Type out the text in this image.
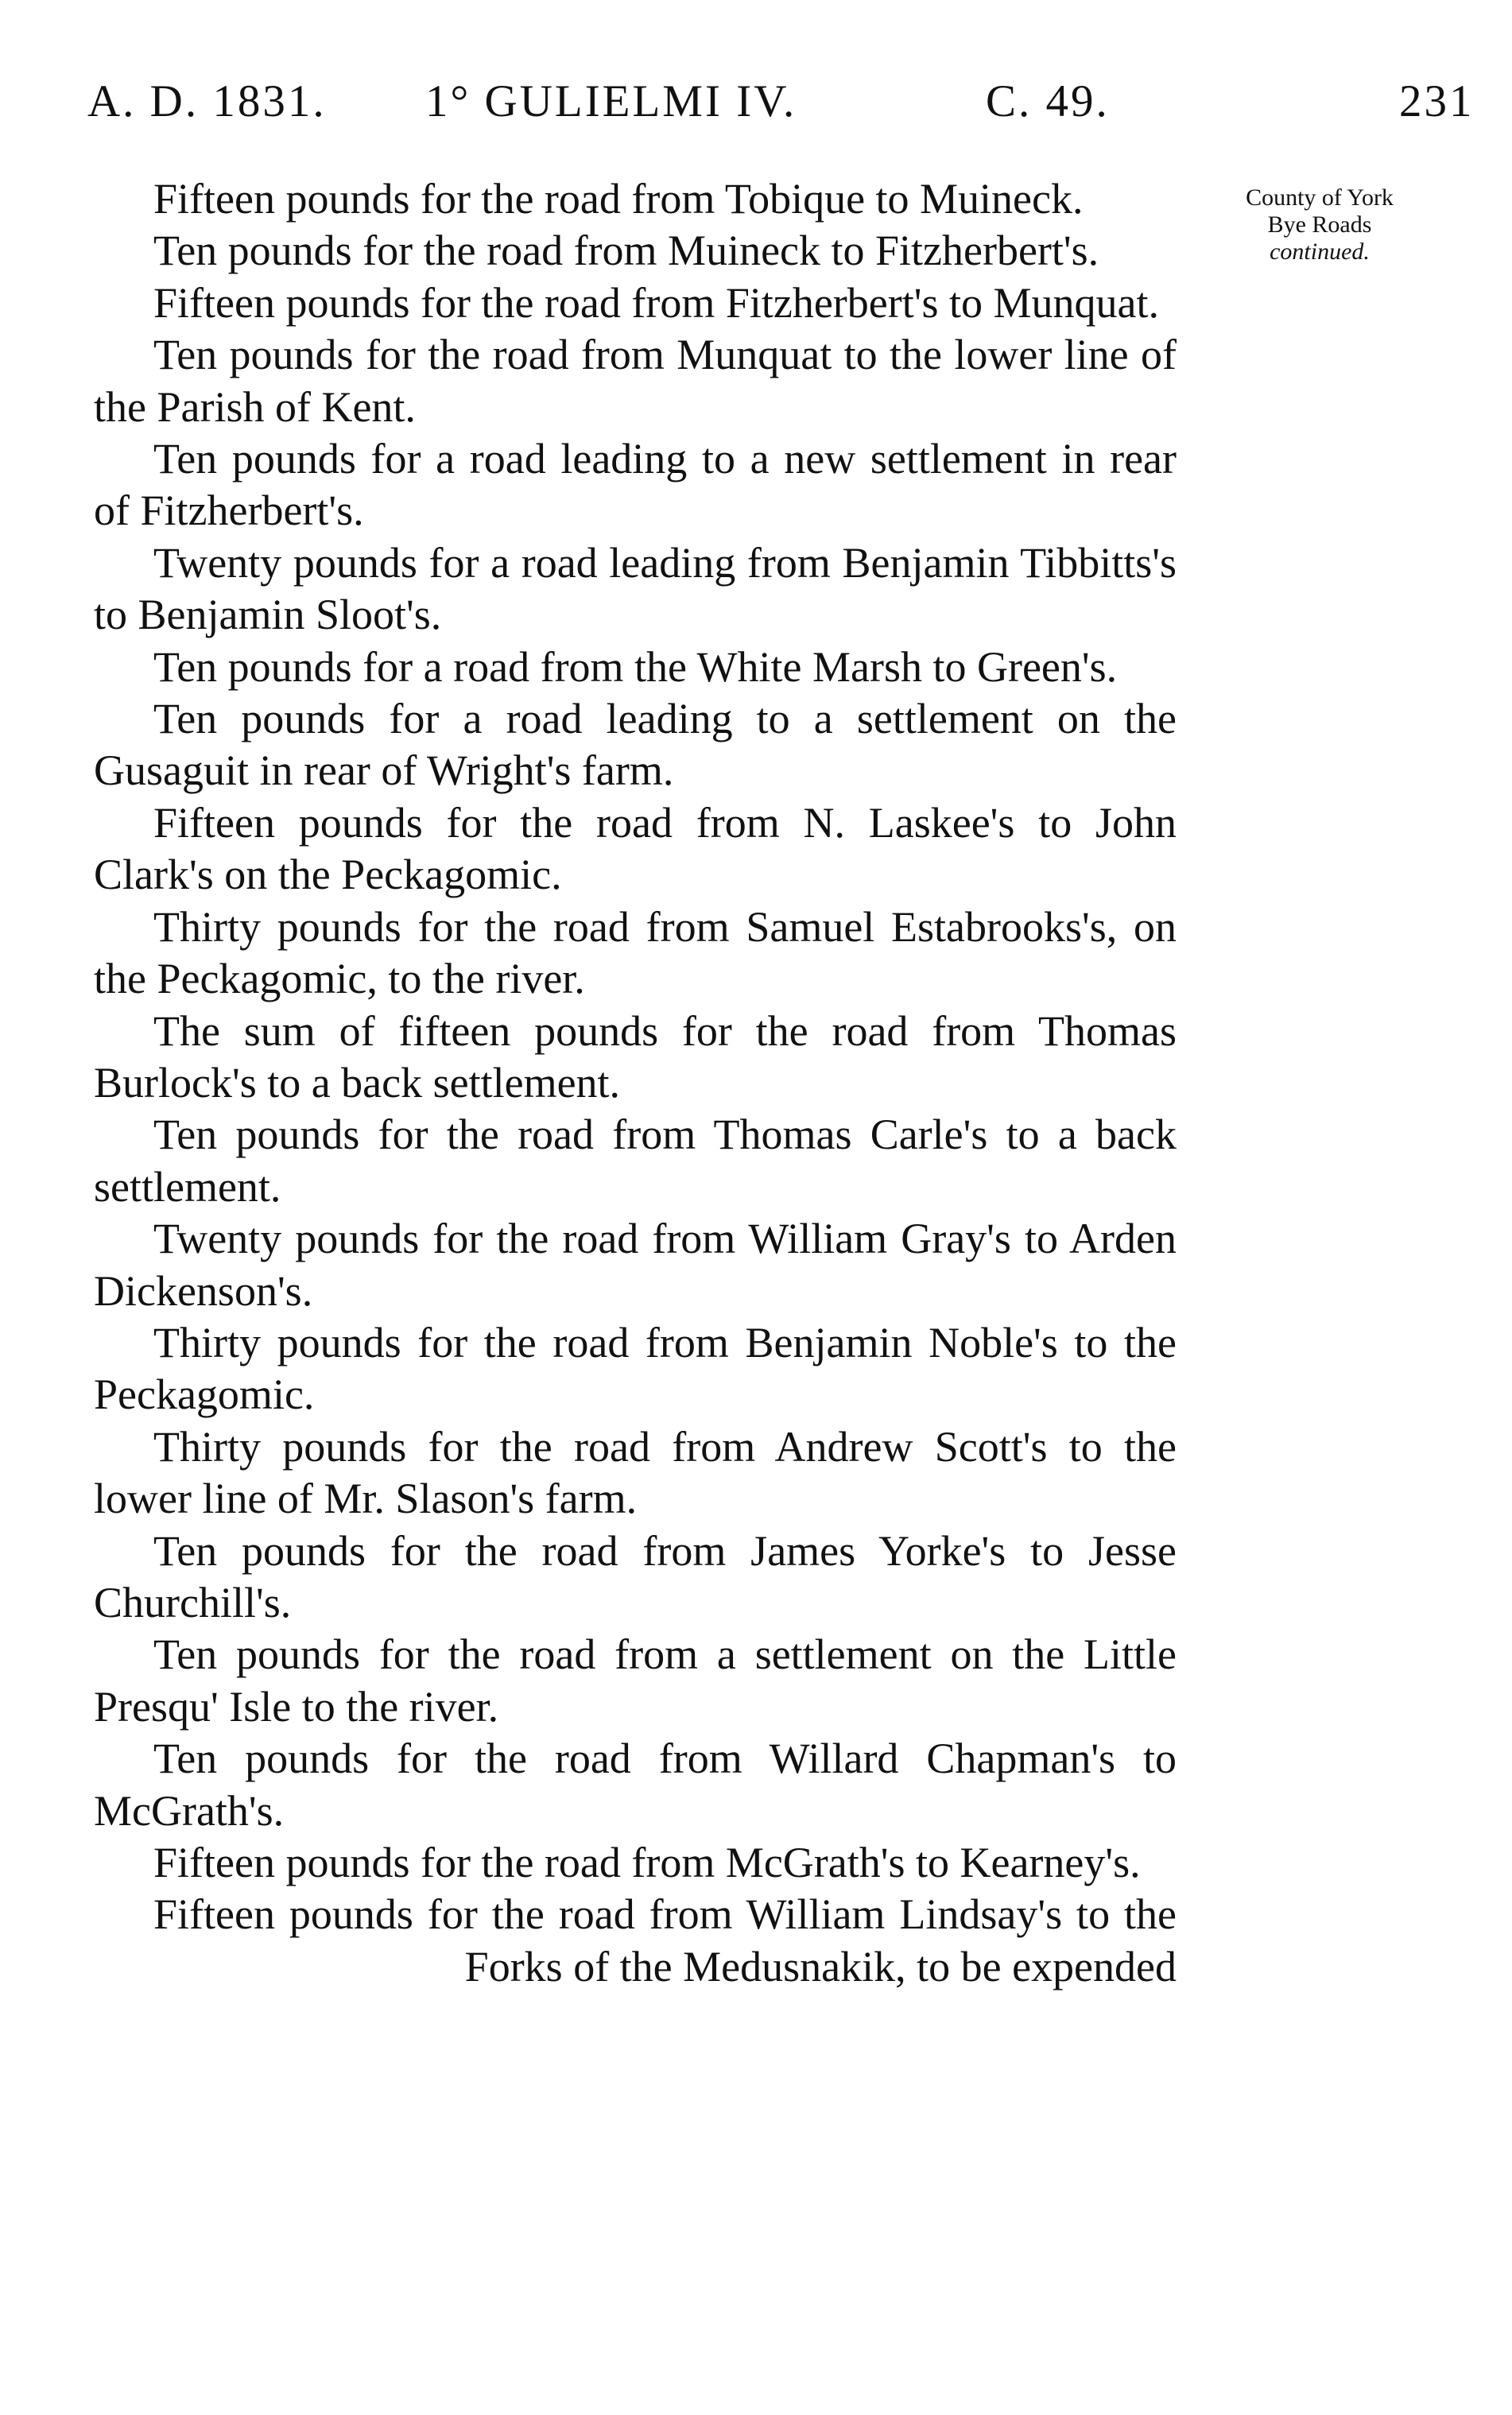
A. D. 1831. 1° GULIELMI IV.	C. 49.	231
County of York
Bye Roads
continued.

Fifteen pounds for the road from Tobique to Muineck.

Ten pounds for the road from Muineck to Fitzherbert's.

Fifteen pounds for the road from Fitzherbert's to Munquat.

Ten pounds for the road from Munquat to the lower line of the Parish of Kent.

Ten pounds for a road leading to a new settlement in rear of Fitzherbert's.

Twenty pounds for a road leading from Benjamin Tibbitts's to Benjamin Sloot's.

Ten pounds for a road from the White Marsh to Green's.

Ten pounds for a road leading to a settlement on the Gusaguit in rear of Wright's farm.

Fifteen pounds for the road from N. Laskee's to John Clark's on the Peckagomic.

Thirty pounds for the road from Samuel Estabrooks's, on the Peckagomic, to the river.

The sum of fifteen pounds for the road from Thomas Burlock's to a back settlement.

Ten pounds for the road from Thomas Carle's to a back settlement.

Twenty pounds for the road from William Gray's to Arden Dickenson's.

Thirty pounds for the road from Benjamin Noble's to the Peckagomic.

Thirty pounds for the road from Andrew Scott's to the lower line of Mr. Slason's farm.

Ten pounds for the road from James Yorke's to Jesse Churchill's.

Ten pounds for the road from a settlement on the Little Presqu' Isle to the river.

Ten pounds for the road from Willard Chapman's to McGrath's.

Fifteen pounds for the road from McGrath's to Kearney's.

Fifteen pounds for the road from William Lindsay's to the Forks of the Medusnakik, to be expended
